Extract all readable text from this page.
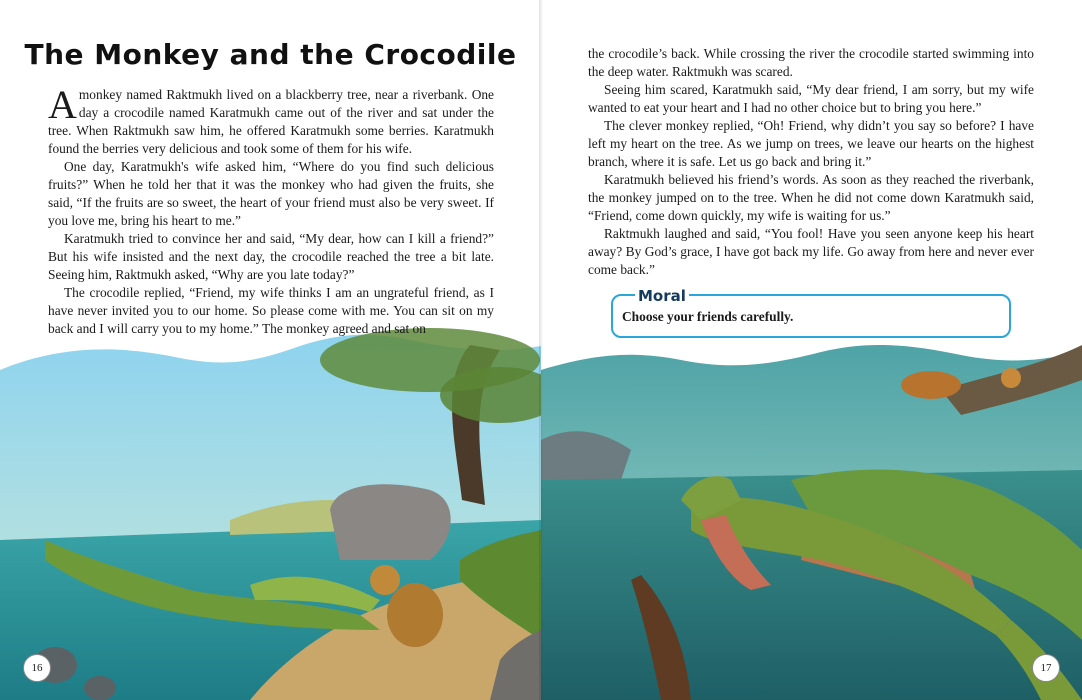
The Monkey and the Crocodile

Amonkey named Raktmukh lived on a blackberry tree, near a riverbank. One day a crocodile named Karatmukh came out of the river and sat under the tree. When Raktmukh saw him, he offered Karatmukh some berries. Karatmukh found the berries very delicious and took some of them for his wife.

One day, Karatmukh's wife asked him, “Where do you find such delicious fruits?” When he told her that it was the monkey who had given the fruits, she said, “If the fruits are so sweet, the heart of your friend must also be very sweet. If you love me, bring his heart to me.”

Karatmukh tried to convince her and said, “My dear, how can I kill a friend?” But his wife insisted and the next day, the crocodile reached the tree a bit late. Seeing him, Raktmukh asked, “Why are you late today?”

The crocodile replied, “Friend, my wife thinks I am an ungrateful friend, as I have never invited you to our home. So please come with me. You can sit on my back and I will carry you to my home.” The monkey agreed and sat on

Moral
Choose your friends carefully.

the crocodile’s back. While crossing the river the crocodile started swimming into the deep water. Raktmukh was scared.

Seeing him scared, Karatmukh said, “My dear friend, I am sorry, but my wife wanted to eat your heart and I had no other choice but to bring you here.”

The clever monkey replied, “Oh! Friend, why didn’t you say so before? I have left my heart on the tree. As we jump on trees, we leave our hearts on the highest branch, where it is safe. Let us go back and bring it.”

Karatmukh believed his friend’s words. As soon as they reached the riverbank, the monkey jumped on to the tree. When he did not come down Karatmukh said, “Friend, come down quickly, my wife is waiting for us.”

Raktmukh laughed and said, “You fool! Have you seen anyone keep his heart away? By God’s grace, I have got back my life. Go away from here and never ever come back.”

16	17
